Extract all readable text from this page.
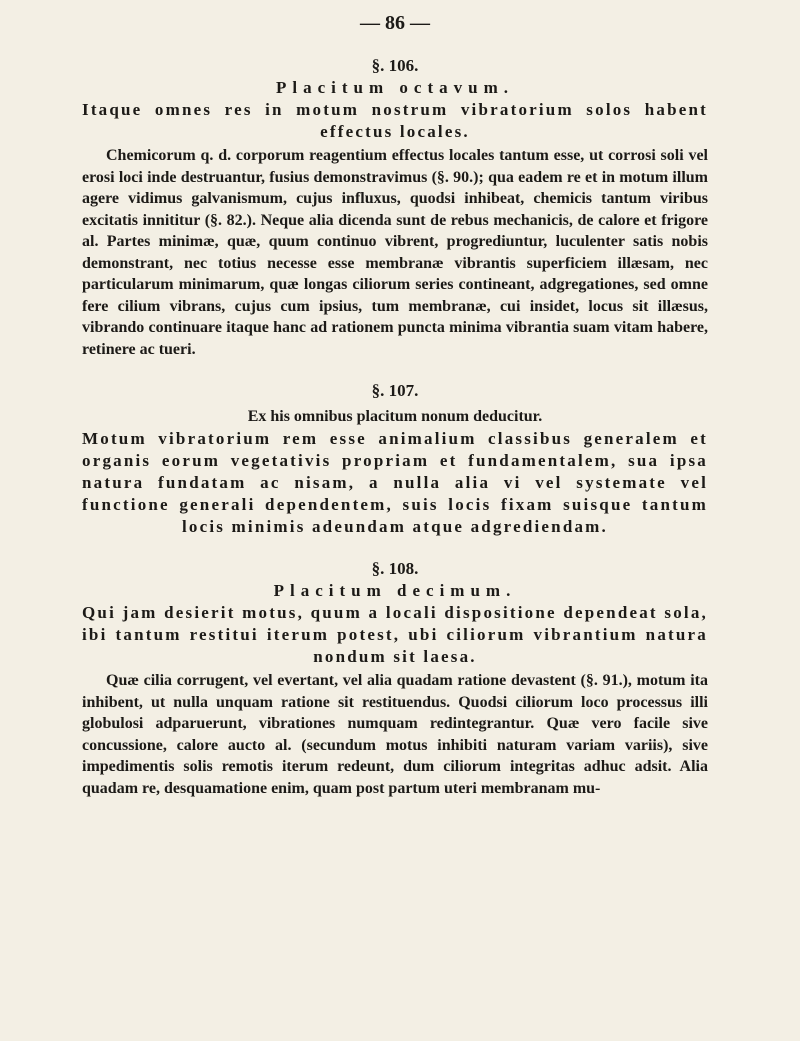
— 86 —
§. 106.
Placitum octavum.
Itaque omnes res in motum nostrum vibratorium solos habent effectus locales.

Chemicorum q. d. corporum reagentium effectus locales tantum esse, ut corrosi soli vel erosi loci inde destruantur, fusius demonstravimus (§. 90.); qua eadem re et in motum illum agere vidimus galvanismum, cujus influxus, quodsi inhibeat, chemicis tantum viribus excitatis innititur (§. 82.). Neque alia dicenda sunt de rebus mechanicis, de calore et frigore al. Partes minimæ, quæ, quum continuo vibrent, progrediuntur, luculenter satis nobis demonstrant, nec totius necesse esse membranæ vibrantis superficiem illæsam, nec particularum minimarum, quæ longas ciliorum series contineant, adgregationes, sed omne fere cilium vibrans, cujus cum ipsius, tum membranæ, cui insidet, locus sit illæsus, vibrando continuare itaque hanc ad rationem puncta minima vibrantia suam vitam habere, retinere ac tueri.

§. 107.
Ex his omnibus placitum nonum deducitur.
Motum vibratorium rem esse animalium classibus generalem et organis eorum vegetativis propriam et fundamentalem, sua ipsa natura fundatam ac nisam, a nulla alia vi vel systemate vel functione generali dependentem, suis locis fixam suisque tantum locis minimis adeundam atque adgrediendam.
§. 108.
Placitum decimum.
Qui jam desierit motus, quum a locali dispositione dependeat sola, ibi tantum restitui iterum potest, ubi ciliorum vibrantium natura nondum sit laesa.

Quæ cilia corrugent, vel evertant, vel alia quadam ratione devastent (§. 91.), motum ita inhibent, ut nulla unquam ratione sit restituendus. Quodsi ciliorum loco processus illi globulosi adparuerunt, vibrationes numquam redintegrantur. Quæ vero facile sive concussione, calore aucto al. (secundum motus inhibiti naturam variam variis), sive impedimentis solis remotis iterum redeunt, dum ciliorum integritas adhuc adsit. Alia quadam re, desquamatione enim, quam post partum uteri membranam mu-
